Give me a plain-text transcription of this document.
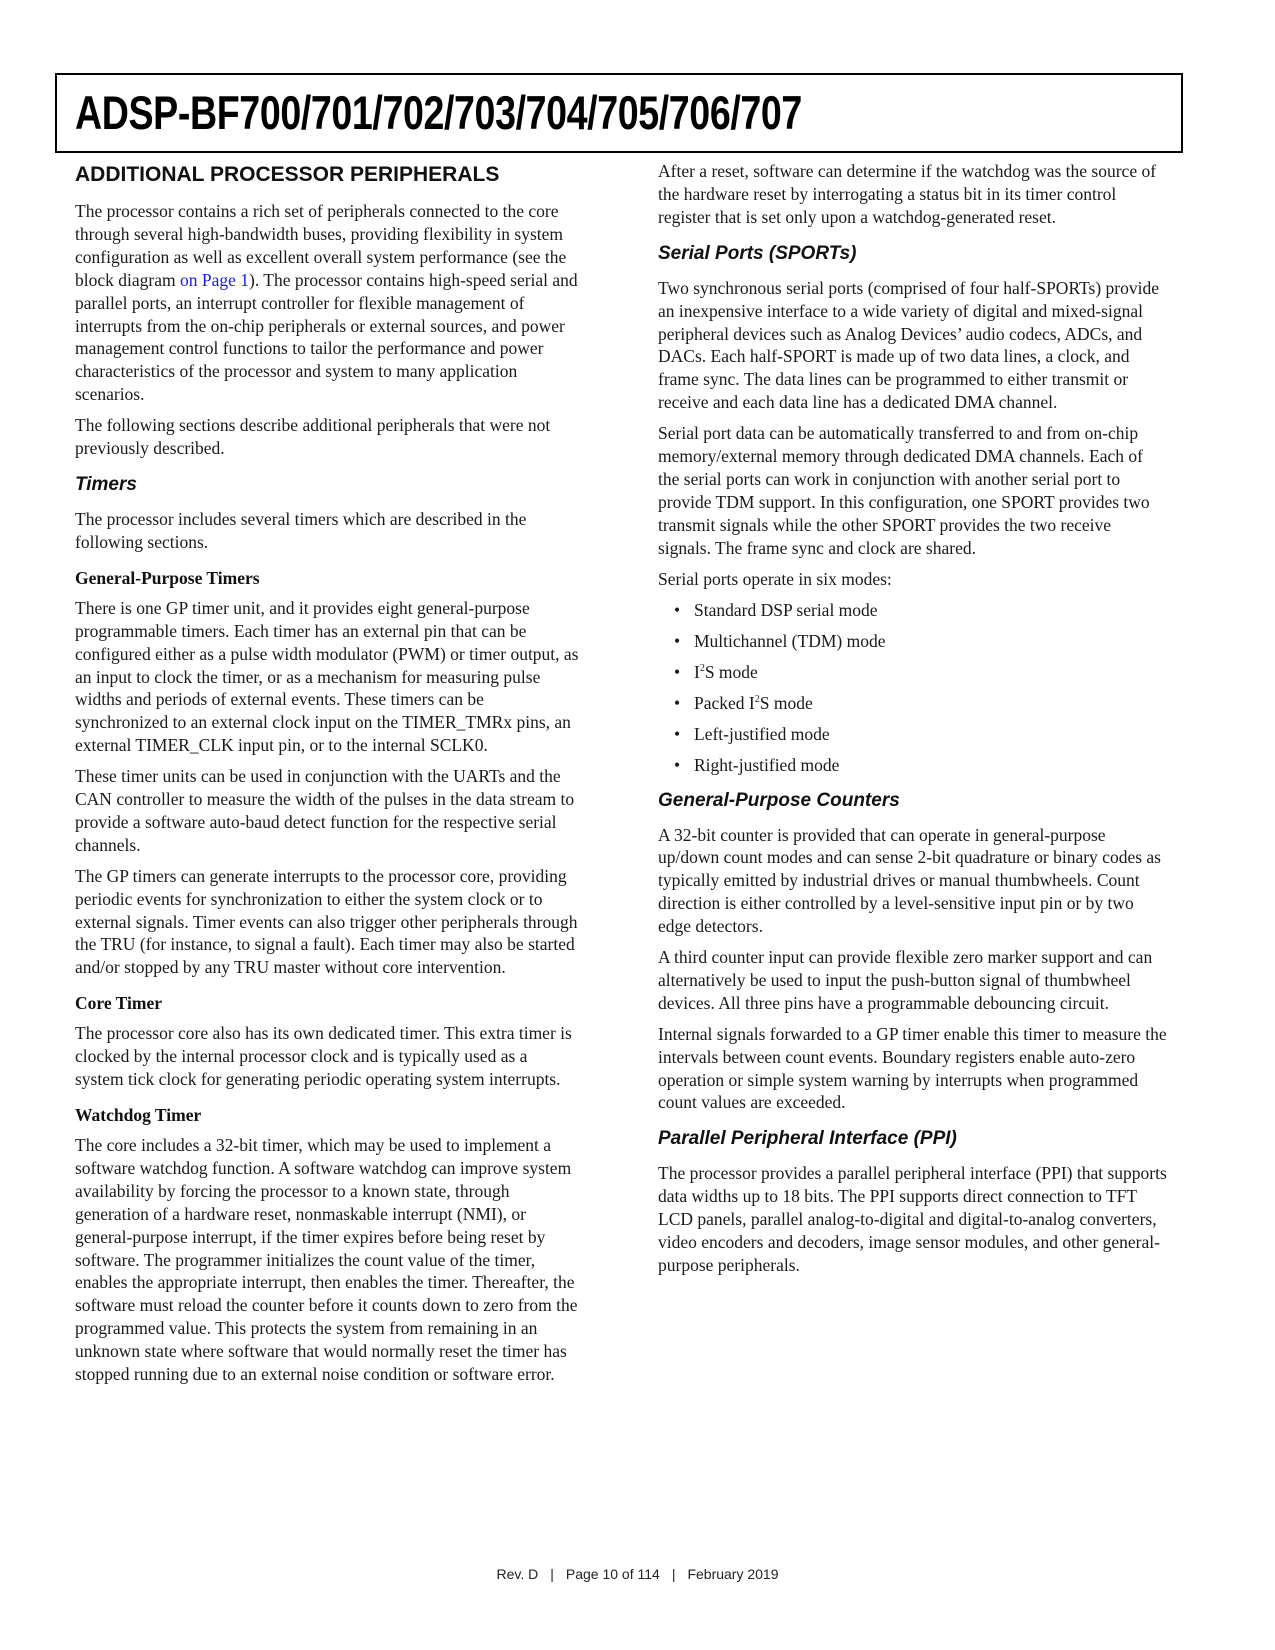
ADSP-BF700/701/702/703/704/705/706/707
ADDITIONAL PROCESSOR PERIPHERALS

The processor contains a rich set of peripherals connected to the core through several high-bandwidth buses, providing flexibility in system configuration as well as excellent overall system performance (see the block diagram on Page 1). The processor contains high-speed serial and parallel ports, an interrupt controller for flexible management of interrupts from the on-chip peripherals or external sources, and power management control functions to tailor the performance and power characteristics of the processor and system to many application scenarios.

The following sections describe additional peripherals that were not previously described.

Timers

The processor includes several timers which are described in the following sections.

General-Purpose Timers

There is one GP timer unit, and it provides eight general-purpose programmable timers. Each timer has an external pin that can be configured either as a pulse width modulator (PWM) or timer output, as an input to clock the timer, or as a mechanism for measuring pulse widths and periods of external events. These timers can be synchronized to an external clock input on the TIMER_TMRx pins, an external TIMER_CLK input pin, or to the internal SCLK0.

These timer units can be used in conjunction with the UARTs and the CAN controller to measure the width of the pulses in the data stream to provide a software auto-baud detect function for the respective serial channels.

The GP timers can generate interrupts to the processor core, providing periodic events for synchronization to either the system clock or to external signals. Timer events can also trigger other peripherals through the TRU (for instance, to signal a fault). Each timer may also be started and/or stopped by any TRU master without core intervention.

Core Timer

The processor core also has its own dedicated timer. This extra timer is clocked by the internal processor clock and is typically used as a system tick clock for generating periodic operating system interrupts.

Watchdog Timer

The core includes a 32-bit timer, which may be used to implement a software watchdog function. A software watchdog can improve system availability by forcing the processor to a known state, through generation of a hardware reset, nonmaskable interrupt (NMI), or general-purpose interrupt, if the timer expires before being reset by software. The programmer initializes the count value of the timer, enables the appropriate interrupt, then enables the timer. Thereafter, the software must reload the counter before it counts down to zero from the programmed value. This protects the system from remaining in an unknown state where software that would normally reset the timer has stopped running due to an external noise condition or software error.

After a reset, software can determine if the watchdog was the source of the hardware reset by interrogating a status bit in its timer control register that is set only upon a watchdog-generated reset.

Serial Ports (SPORTs)

Two synchronous serial ports (comprised of four half-SPORTs) provide an inexpensive interface to a wide variety of digital and mixed-signal peripheral devices such as Analog Devices’ audio codecs, ADCs, and DACs. Each half-SPORT is made up of two data lines, a clock, and frame sync. The data lines can be programmed to either transmit or receive and each data line has a dedicated DMA channel.

Serial port data can be automatically transferred to and from on-chip memory/external memory through dedicated DMA channels. Each of the serial ports can work in conjunction with another serial port to provide TDM support. In this configuration, one SPORT provides two transmit signals while the other SPORT provides the two receive signals. The frame sync and clock are shared.

Serial ports operate in six modes:

• Standard DSP serial mode
• Multichannel (TDM) mode
• $I^2S$ mode
• Packed $I^2S$ mode
• Left-justified mode
• Right-justified mode
General-Purpose Counters

A 32-bit counter is provided that can operate in general-purpose up/down count modes and can sense 2-bit quadrature or binary codes as typically emitted by industrial drives or manual thumbwheels. Count direction is either controlled by a level-sensitive input pin or by two edge detectors.

A third counter input can provide flexible zero marker support and can alternatively be used to input the push-button signal of thumbwheel devices. All three pins have a programmable debouncing circuit.

Internal signals forwarded to a GP timer enable this timer to measure the intervals between count events. Boundary registers enable auto-zero operation or simple system warning by interrupts when programmed count values are exceeded.

Parallel Peripheral Interface (PPI)

The processor provides a parallel peripheral interface (PPI) that supports data widths up to 18 bits. The PPI supports direct connection to TFT LCD panels, parallel analog-to-digital and digital-to-analog converters, video encoders and decoders, image sensor modules, and other general-purpose peripherals.

Rev. D | Page 10 of 114 | February 2019
